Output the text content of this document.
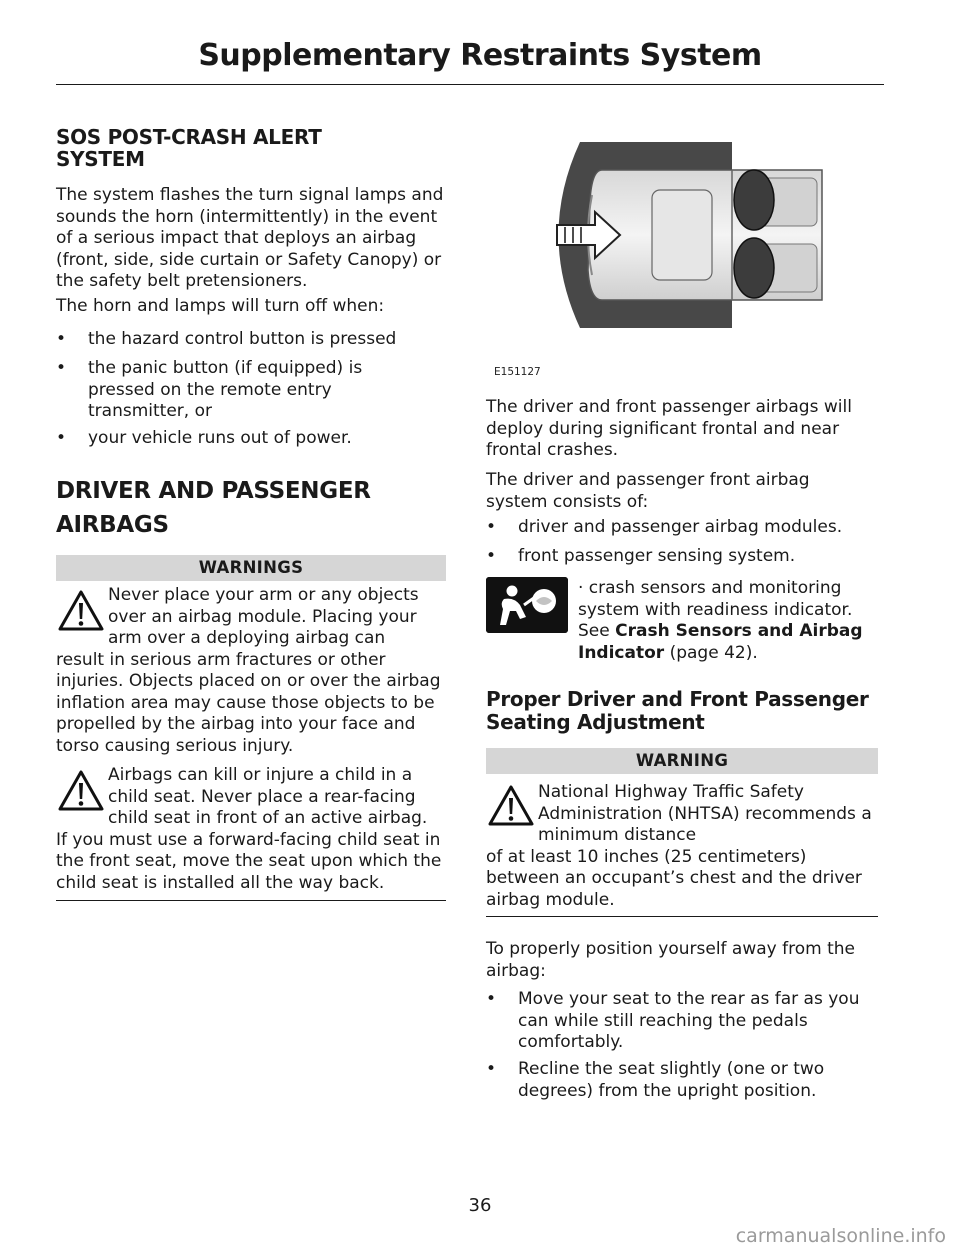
Supplementary Restraints System
SOS POST-CRASH ALERT
SYSTEM
The system flashes the turn signal lamps and sounds the horn (intermittently) in the event of a serious impact that deploys an airbag (front, side, side curtain or Safety Canopy) or the safety belt pretensioners.
The horn and lamps will turn off when:
• the hazard control button is pressed
• the panic button (if equipped) is pressed on the remote entry transmitter, or
• your vehicle runs out of power.
DRIVER AND PASSENGER
AIRBAGS
WARNINGS
Never place your arm or any objects over an airbag module. Placing your arm over a deploying airbag can
result in serious arm fractures or other injuries. Objects placed on or over the airbag inflation area may cause those objects to be propelled by the airbag into your face and torso causing serious injury.
Airbags can kill or injure a child in a child seat. Never place a rear-facing child seat in front of an active airbag.
If you must use a forward-facing child seat in the front seat, move the seat upon which the child seat is installed all the way back.
E151127
The driver and front passenger airbags will deploy during significant frontal and near frontal crashes.
The driver and passenger front airbag system consists of:
• driver and passenger airbag modules.
• front passenger sensing system.
· crash sensors and monitoring system with readiness indicator. See Crash Sensors and Airbag Indicator (page 42).
Proper Driver and Front Passenger
Seating Adjustment
WARNING
National Highway Traffic Safety Administration (NHTSA) recommends a minimum distance
of at least 10 inches (25 centimeters) between an occupant’s chest and the driver airbag module.
To properly position yourself away from the airbag:
• Move your seat to the rear as far as you can while still reaching the pedals comfortably.
• Recline the seat slightly (one or two degrees) from the upright position.
36
carmanualsonline.info
